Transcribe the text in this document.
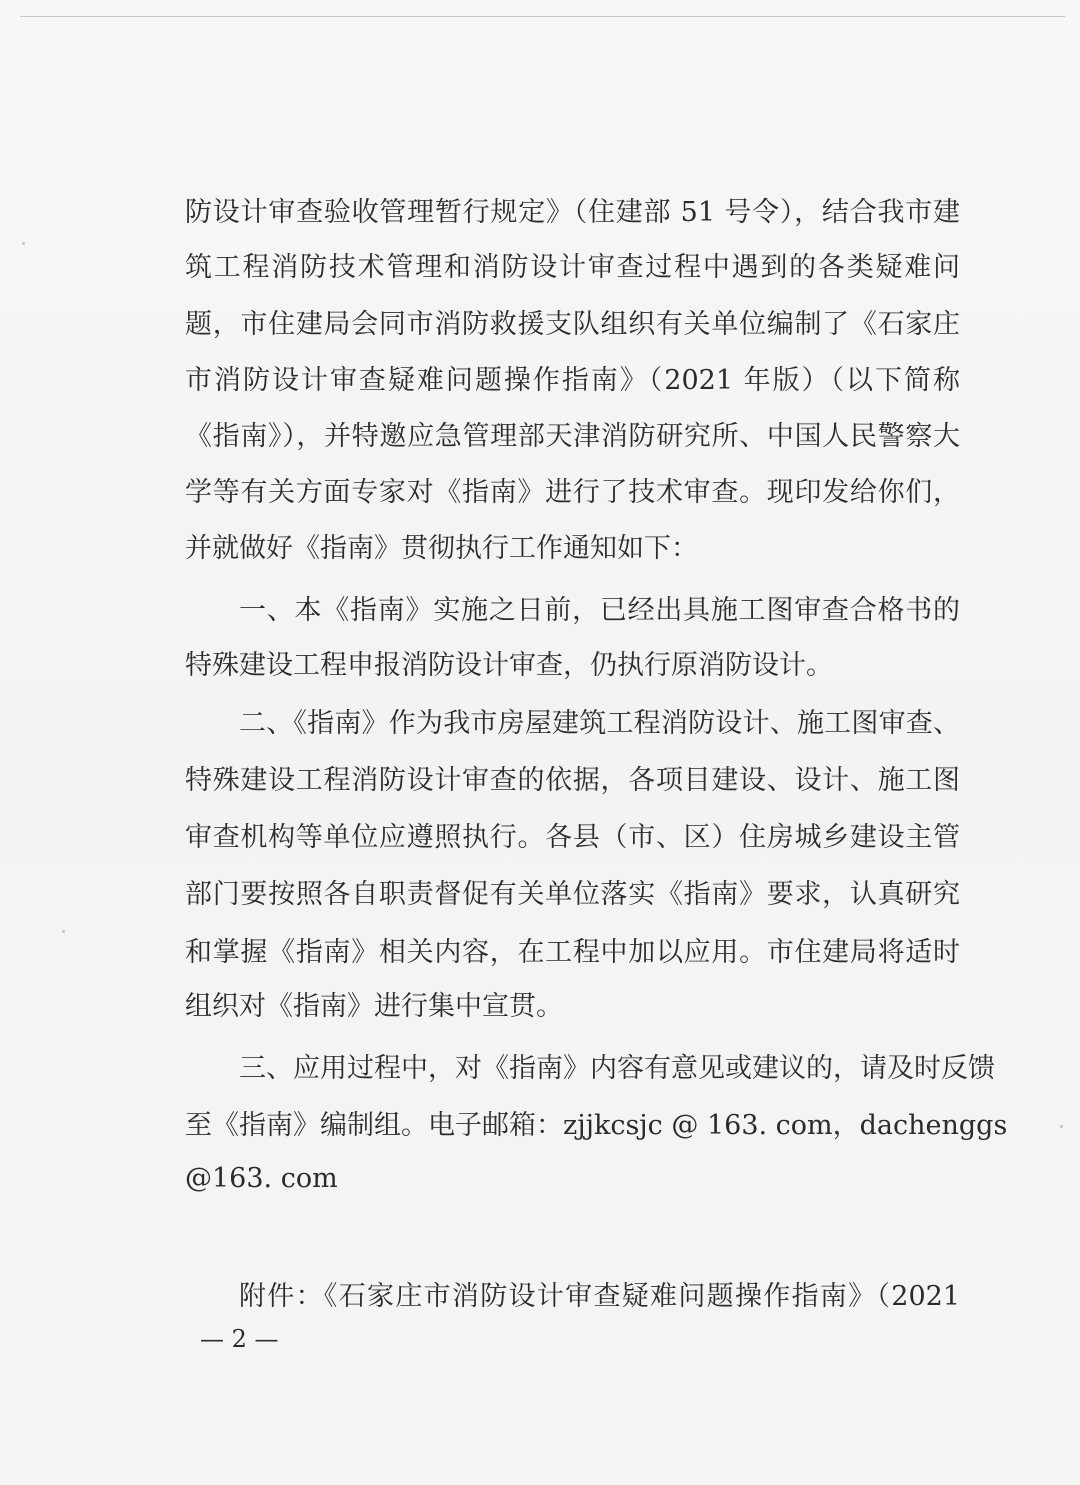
防设计审查验收管理暂行规定》（住建部 51 号令），结合我市建
筑工程消防技术管理和消防设计审查过程中遇到的各类疑难问
题，市住建局会同市消防救援支队组织有关单位编制了《石家庄
市消防设计审查疑难问题操作指南》（2021 年版）（以下简称
《指南》），并特邀应急管理部天津消防研究所、中国人民警察大
学等有关方面专家对《指南》进行了技术审查。现印发给你们，
并就做好《指南》贯彻执行工作通知如下：
一、本《指南》实施之日前，已经出具施工图审查合格书的
特殊建设工程申报消防设计审查，仍执行原消防设计。
二、《指南》作为我市房屋建筑工程消防设计、施工图审查、
特殊建设工程消防设计审查的依据，各项目建设、设计、施工图
审查机构等单位应遵照执行。各县（市、区）住房城乡建设主管
部门要按照各自职责督促有关单位落实《指南》要求，认真研究
和掌握《指南》相关内容，在工程中加以应用。市住建局将适时
组织对《指南》进行集中宣贯。
三、应用过程中，对《指南》内容有意见或建议的，请及时反馈
至《指南》编制组。电子邮箱：zjjkcsjc @ 163. com，dachenggs
@163. com
附件：《石家庄市消防设计审查疑难问题操作指南》（2021
— 2 —
